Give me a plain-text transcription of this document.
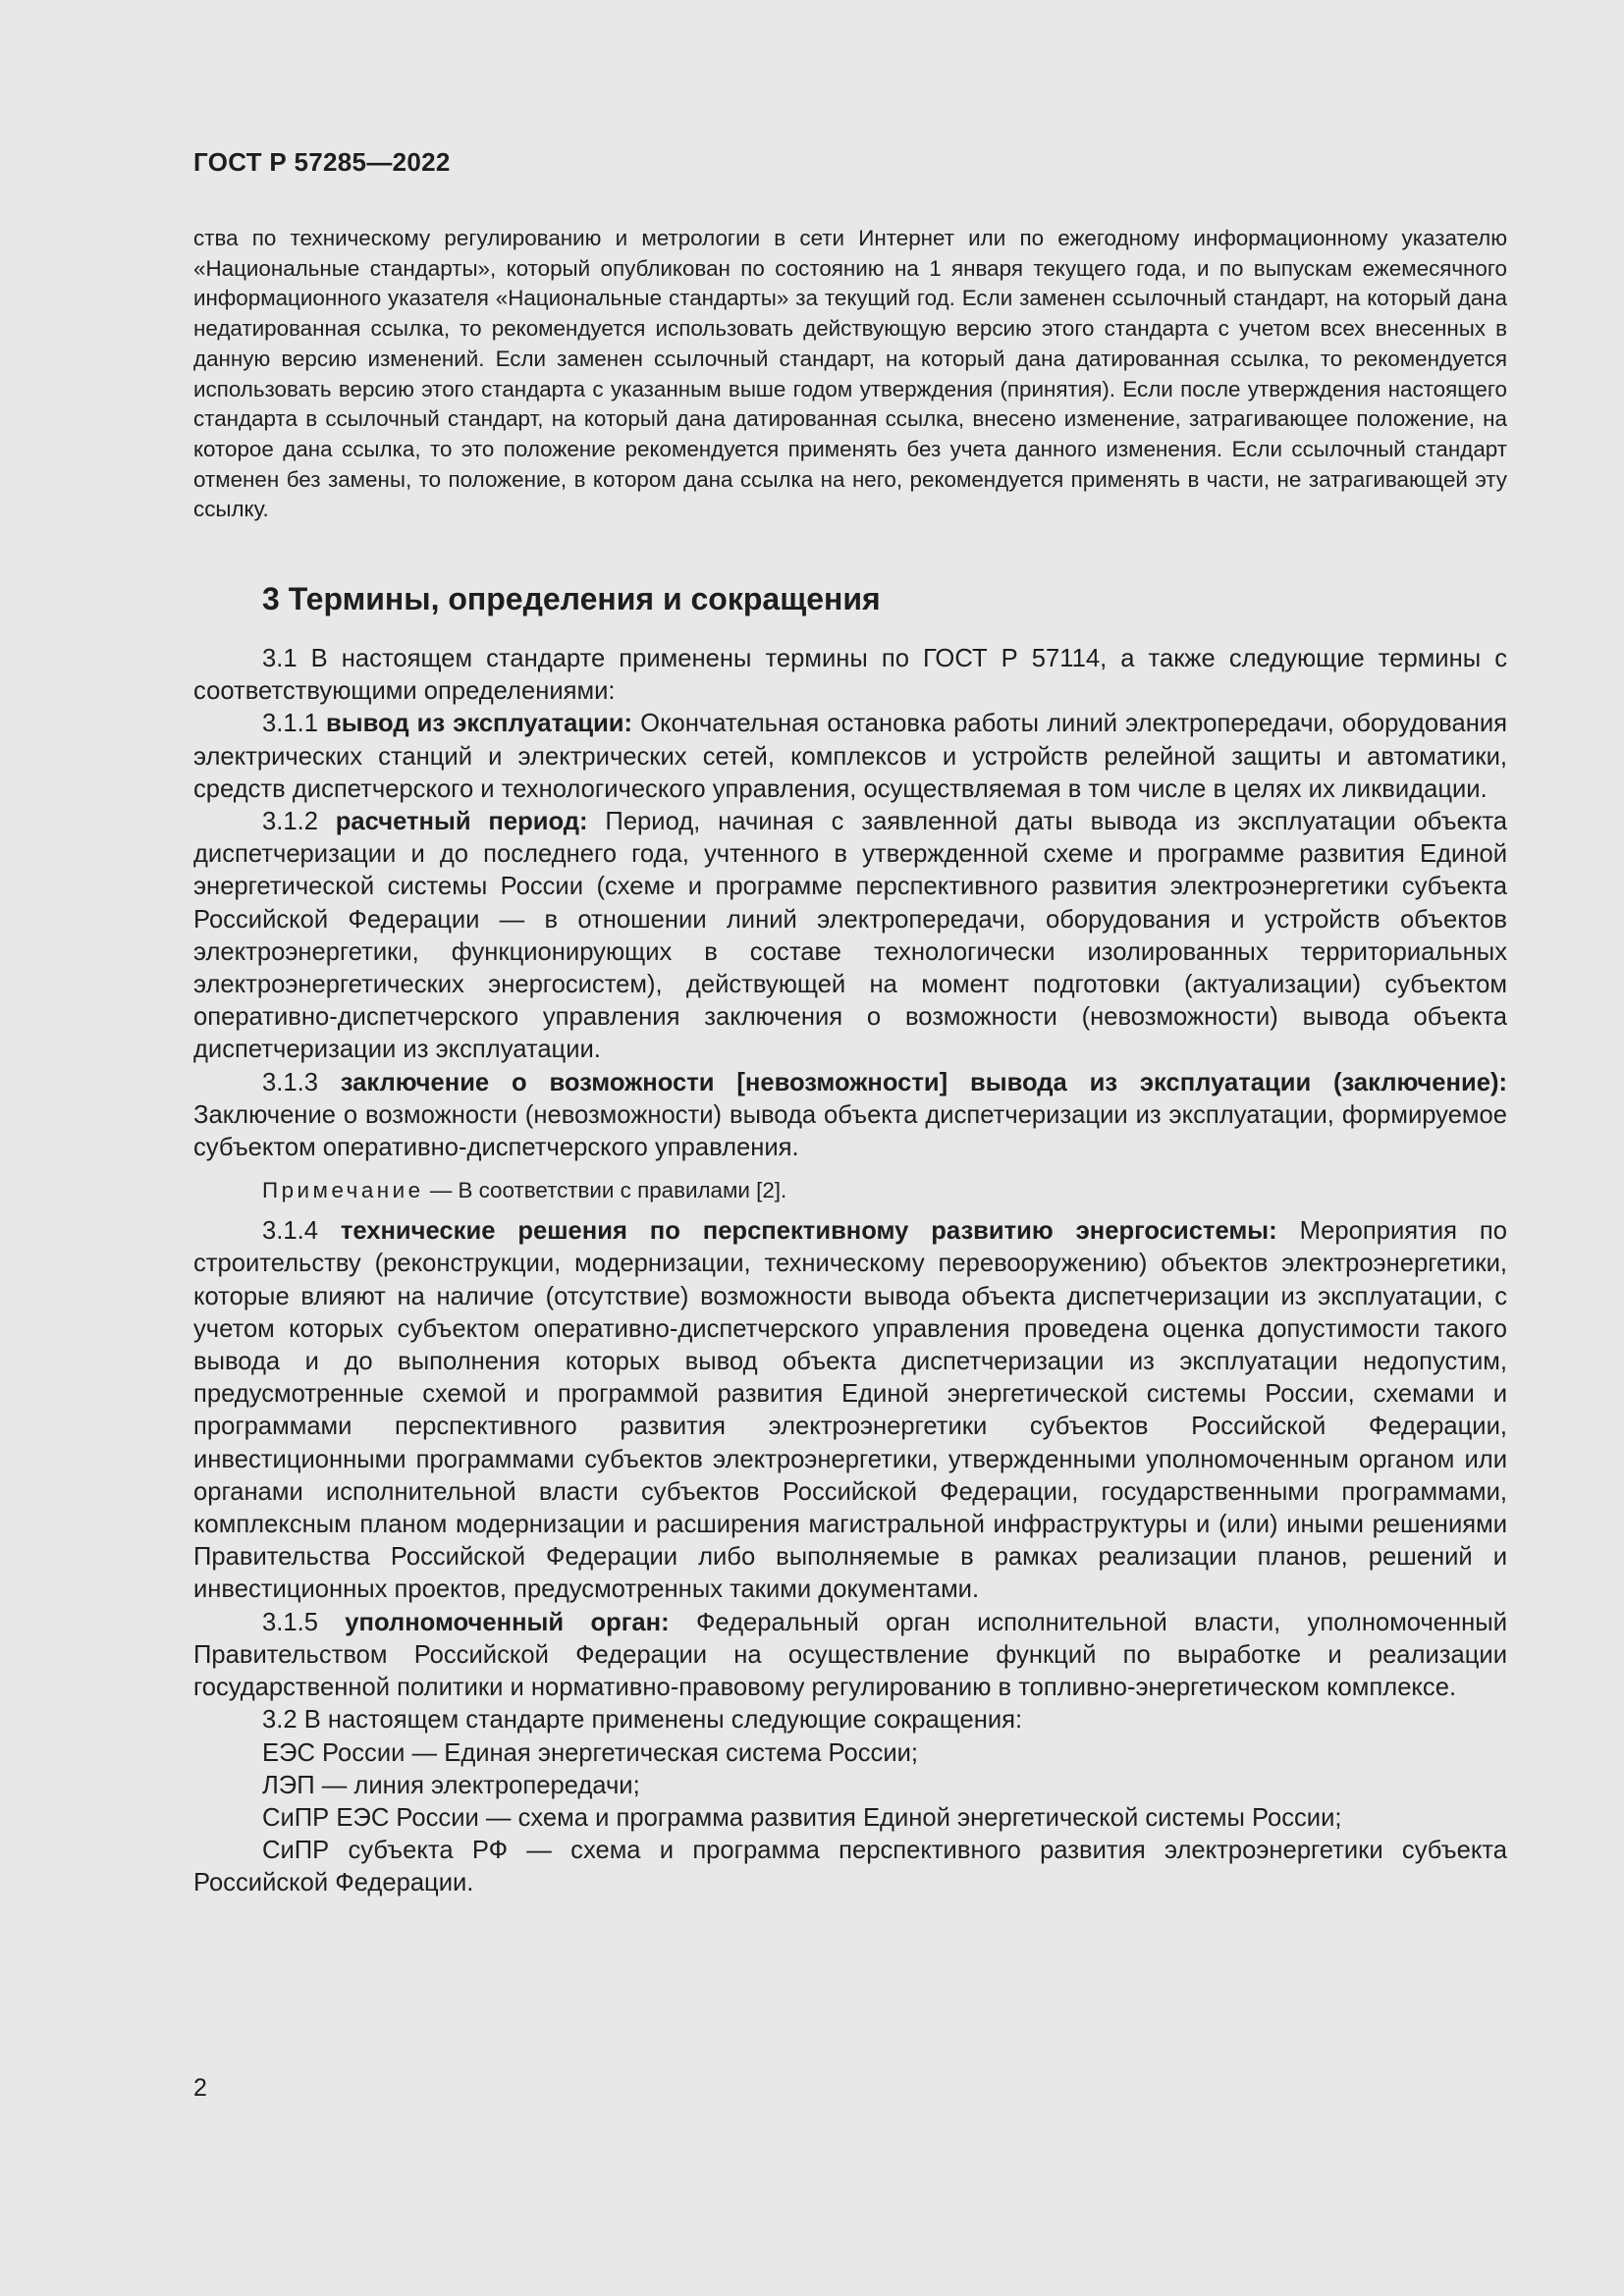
ГОСТ Р 57285—2022
ства по техническому регулированию и метрологии в сети Интернет или по ежегодному информационному указателю «Национальные стандарты», который опубликован по состоянию на 1 января текущего года, и по выпускам ежемесячного информационного указателя «Национальные стандарты» за текущий год. Если заменен ссылочный стандарт, на который дана недатированная ссылка, то рекомендуется использовать действующую версию этого стандарта с учетом всех внесенных в данную версию изменений. Если заменен ссылочный стандарт, на который дана датированная ссылка, то рекомендуется использовать версию этого стандарта с указанным выше годом утверждения (принятия). Если после утверждения настоящего стандарта в ссылочный стандарт, на который дана датированная ссылка, внесено изменение, затрагивающее положение, на которое дана ссылка, то это положение рекомендуется применять без учета данного изменения. Если ссылочный стандарт отменен без замены, то положение, в котором дана ссылка на него, рекомендуется применять в части, не затрагивающей эту ссылку.
3 Термины, определения и сокращения

3.1 В настоящем стандарте применены термины по ГОСТ Р 57114, а также следующие термины с соответствующими определениями:

3.1.1 вывод из эксплуатации: Окончательная остановка работы линий электропередачи, оборудования электрических станций и электрических сетей, комплексов и устройств релейной защиты и автоматики, средств диспетчерского и технологического управления, осуществляемая в том числе в целях их ликвидации.

3.1.2 расчетный период: Период, начиная с заявленной даты вывода из эксплуатации объекта диспетчеризации и до последнего года, учтенного в утвержденной схеме и программе развития Единой энергетической системы России (схеме и программе перспективного развития электроэнергетики субъекта Российской Федерации — в отношении линий электропередачи, оборудования и устройств объектов электроэнергетики, функционирующих в составе технологически изолированных территориальных электроэнергетических энергосистем), действующей на момент подготовки (актуализации) субъектом оперативно-диспетчерского управления заключения о возможности (невозможности) вывода объекта диспетчеризации из эксплуатации.

3.1.3 заключение о возможности [невозможности] вывода из эксплуатации (заключение): Заключение о возможности (невозможности) вывода объекта диспетчеризации из эксплуатации, формируемое субъектом оперативно-диспетчерского управления.

Примечание — В соответствии с правилами [2].

3.1.4 технические решения по перспективному развитию энергосистемы: Мероприятия по строительству (реконструкции, модернизации, техническому перевооружению) объектов электроэнергетики, которые влияют на наличие (отсутствие) возможности вывода объекта диспетчеризации из эксплуатации, с учетом которых субъектом оперативно-диспетчерского управления проведена оценка допустимости такого вывода и до выполнения которых вывод объекта диспетчеризации из эксплуатации недопустим, предусмотренные схемой и программой развития Единой энергетической системы России, схемами и программами перспективного развития электроэнергетики субъектов Российской Федерации, инвестиционными программами субъектов электроэнергетики, утвержденными уполномоченным органом или органами исполнительной власти субъектов Российской Федерации, государственными программами, комплексным планом модернизации и расширения магистральной инфраструктуры и (или) иными решениями Правительства Российской Федерации либо выполняемые в рамках реализации планов, решений и инвестиционных проектов, предусмотренных такими документами.

3.1.5 уполномоченный орган: Федеральный орган исполнительной власти, уполномоченный Правительством Российской Федерации на осуществление функций по выработке и реализации государственной политики и нормативно-правовому регулированию в топливно-энергетическом комплексе.

3.2 В настоящем стандарте применены следующие сокращения:

ЕЭС России — Единая энергетическая система России;

ЛЭП — линия электропередачи;

СиПР ЕЭС России — схема и программа развития Единой энергетической системы России;

СиПР субъекта РФ — схема и программа перспективного развития электроэнергетики субъекта Российской Федерации.

2
